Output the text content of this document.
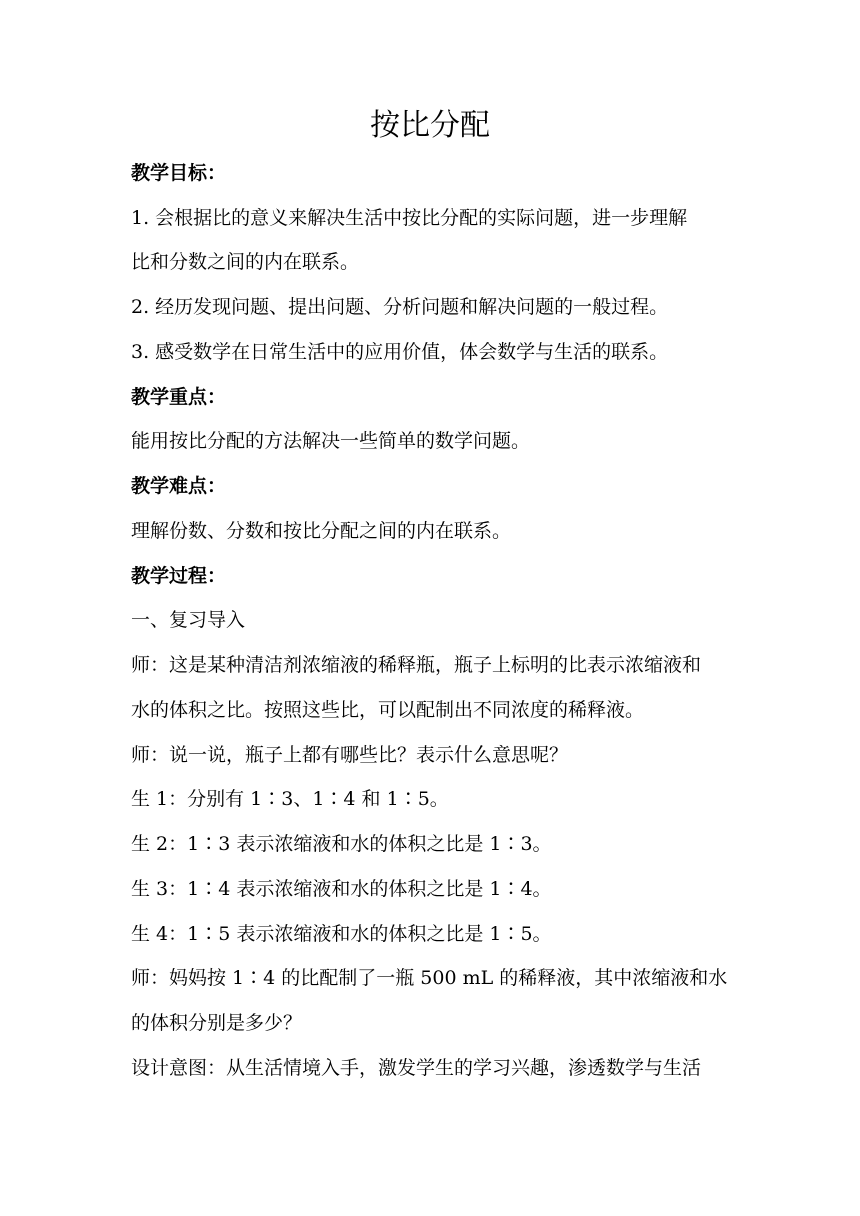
按比分配
教学目标：
1. 会根据比的意义来解决生活中按比分配的实际问题，进一步理解
比和分数之间的内在联系。
2. 经历发现问题、提出问题、分析问题和解决问题的一般过程。
3. 感受数学在日常生活中的应用价值，体会数学与生活的联系。
教学重点：
能用按比分配的方法解决一些简单的数学问题。
教学难点：
理解份数、分数和按比分配之间的内在联系。
教学过程：
一、复习导入
师：这是某种清洁剂浓缩液的稀释瓶，瓶子上标明的比表示浓缩液和
水的体积之比。按照这些比，可以配制出不同浓度的稀释液。
师：说一说，瓶子上都有哪些比？表示什么意思呢？
生 1：分别有 1∶3、1∶4 和 1∶5。
生 2：1∶3 表示浓缩液和水的体积之比是 1∶3。
生 3：1∶4 表示浓缩液和水的体积之比是 1∶4。
生 4：1∶5 表示浓缩液和水的体积之比是 1∶5。
师：妈妈按 1∶4 的比配制了一瓶 500 mL 的稀释液，其中浓缩液和水
的体积分别是多少？
设计意图：从生活情境入手，激发学生的学习兴趣，渗透数学与生活
